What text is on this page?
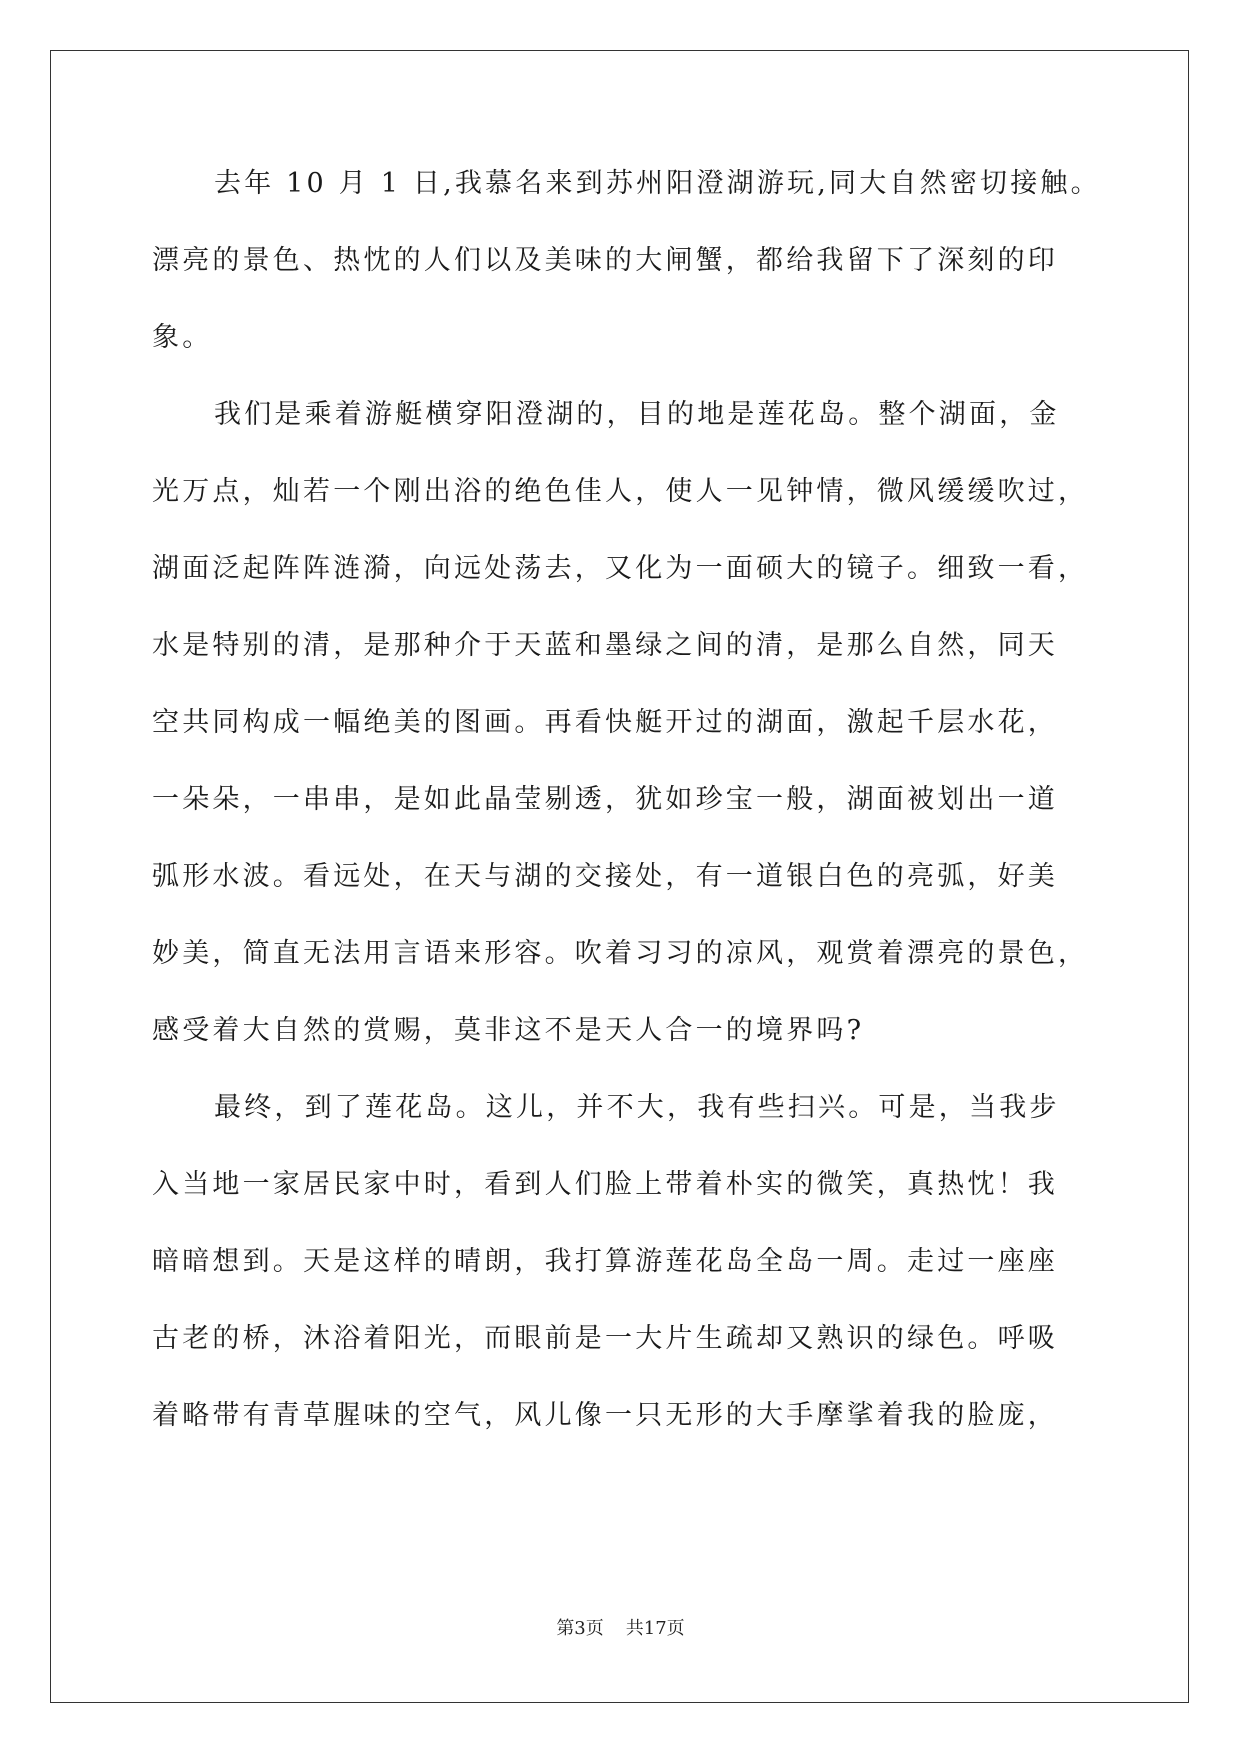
去年 10 月 1 日,我慕名来到苏州阳澄湖游玩,同大自然密切接触。
漂亮的景色、热忱的人们以及美味的大闸蟹，都给我留下了深刻的印
象。

我们是乘着游艇横穿阳澄湖的，目的地是莲花岛。整个湖面，金
光万点，灿若一个刚出浴的绝色佳人，使人一见钟情，微风缓缓吹过，
湖面泛起阵阵涟漪，向远处荡去，又化为一面硕大的镜子。细致一看，
水是特别的清，是那种介于天蓝和墨绿之间的清，是那么自然，同天
空共同构成一幅绝美的图画。再看快艇开过的湖面，激起千层水花，
一朵朵，一串串，是如此晶莹剔透，犹如珍宝一般，湖面被划出一道
弧形水波。看远处，在天与湖的交接处，有一道银白色的亮弧，好美
妙美，简直无法用言语来形容。吹着习习的凉风，观赏着漂亮的景色，
感受着大自然的赏赐，莫非这不是天人合一的境界吗?

最终，到了莲花岛。这儿，并不大，我有些扫兴。可是，当我步
入当地一家居民家中时，看到人们脸上带着朴实的微笑，真热忱！我
暗暗想到。天是这样的晴朗，我打算游莲花岛全岛一周。走过一座座
古老的桥，沐浴着阳光，而眼前是一大片生疏却又熟识的绿色。呼吸
着略带有青草腥味的空气，风儿像一只无形的大手摩挲着我的脸庞，

第3页 共17页
